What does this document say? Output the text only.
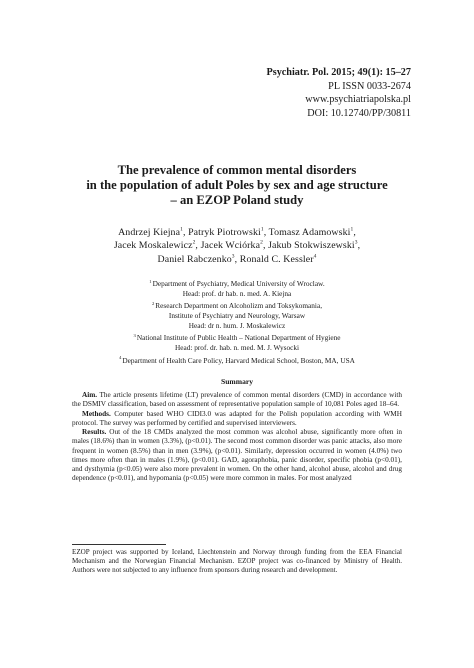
Psychiatr. Pol. 2015; 49(1): 15–27
PL ISSN 0033-2674
www.psychiatriapolska.pl
DOI: 10.12740/PP/30811
The prevalence of common mental disorders
in the population of adult Poles by sex and age structure
– an EZOP Poland study
Andrzej Kiejna$^1$, Patryk Piotrowski$^1$, Tomasz Adamowski$^1$,
Jacek Moskalewicz$^2$, Jacek Wciórka$^2$, Jakub Stokwiszewski$^3$,
Daniel Rabczenko$^3$, Ronald C. Kessler$^4$
$^1$Department of Psychiatry, Medical University of Wroclaw.
Head: prof. dr hab. n. med. A. Kiejna
$^2$Research Department on Alcoholizm and Toksykomania,
Institute of Psychiatry and Neurology, Warsaw
Head: dr n. hum. J. Moskalewicz
$^3$National Institute of Public Health – National Department of Hygiene
Head: prof. dr. hab. n. med. M. J. Wysocki
$^4$Department of Health Care Policy, Harvard Medical School, Boston, MA, USA
Summary

Aim. The article presents lifetime (LT) prevalence of common mental disorders (CMD) in accordance with the DSMIV classification, based on assessment of representative population sample of 10,081 Poles aged 18–64.

Methods. Computer based WHO CIDI3.0 was adapted for the Polish population according with WMH protocol. The survey was performed by certified and supervised interviewers.

Results. Out of the 18 CMDs analyzed the most common was alcohol abuse, significantly more often in males (18.6%) than in women (3.3%), (p<0.01). The second most common disorder was panic attacks, also more frequent in women (8.5%) than in men (3.9%), (p<0.01). Similarly, depression occurred in women (4.0%) two times more often than in males (1.9%), (p<0.01). GAD, agoraphobia, panic disorder, specific phobia (p<0.01), and dysthymia (p<0.05) were also more prevalent in women. On the other hand, alcohol abuse, alcohol and drug dependence (p<0.01), and hypomania (p<0.05) were more common in males. For most analyzed

EZOP project was supported by Iceland, Liechtenstein and Norway through funding from the EEA Financial Mechanism and the Norwegian Financial Mechanism. EZOP project was co-financed by Ministry of Health. Authors were not subjected to any influence from sponsors during research and development.
